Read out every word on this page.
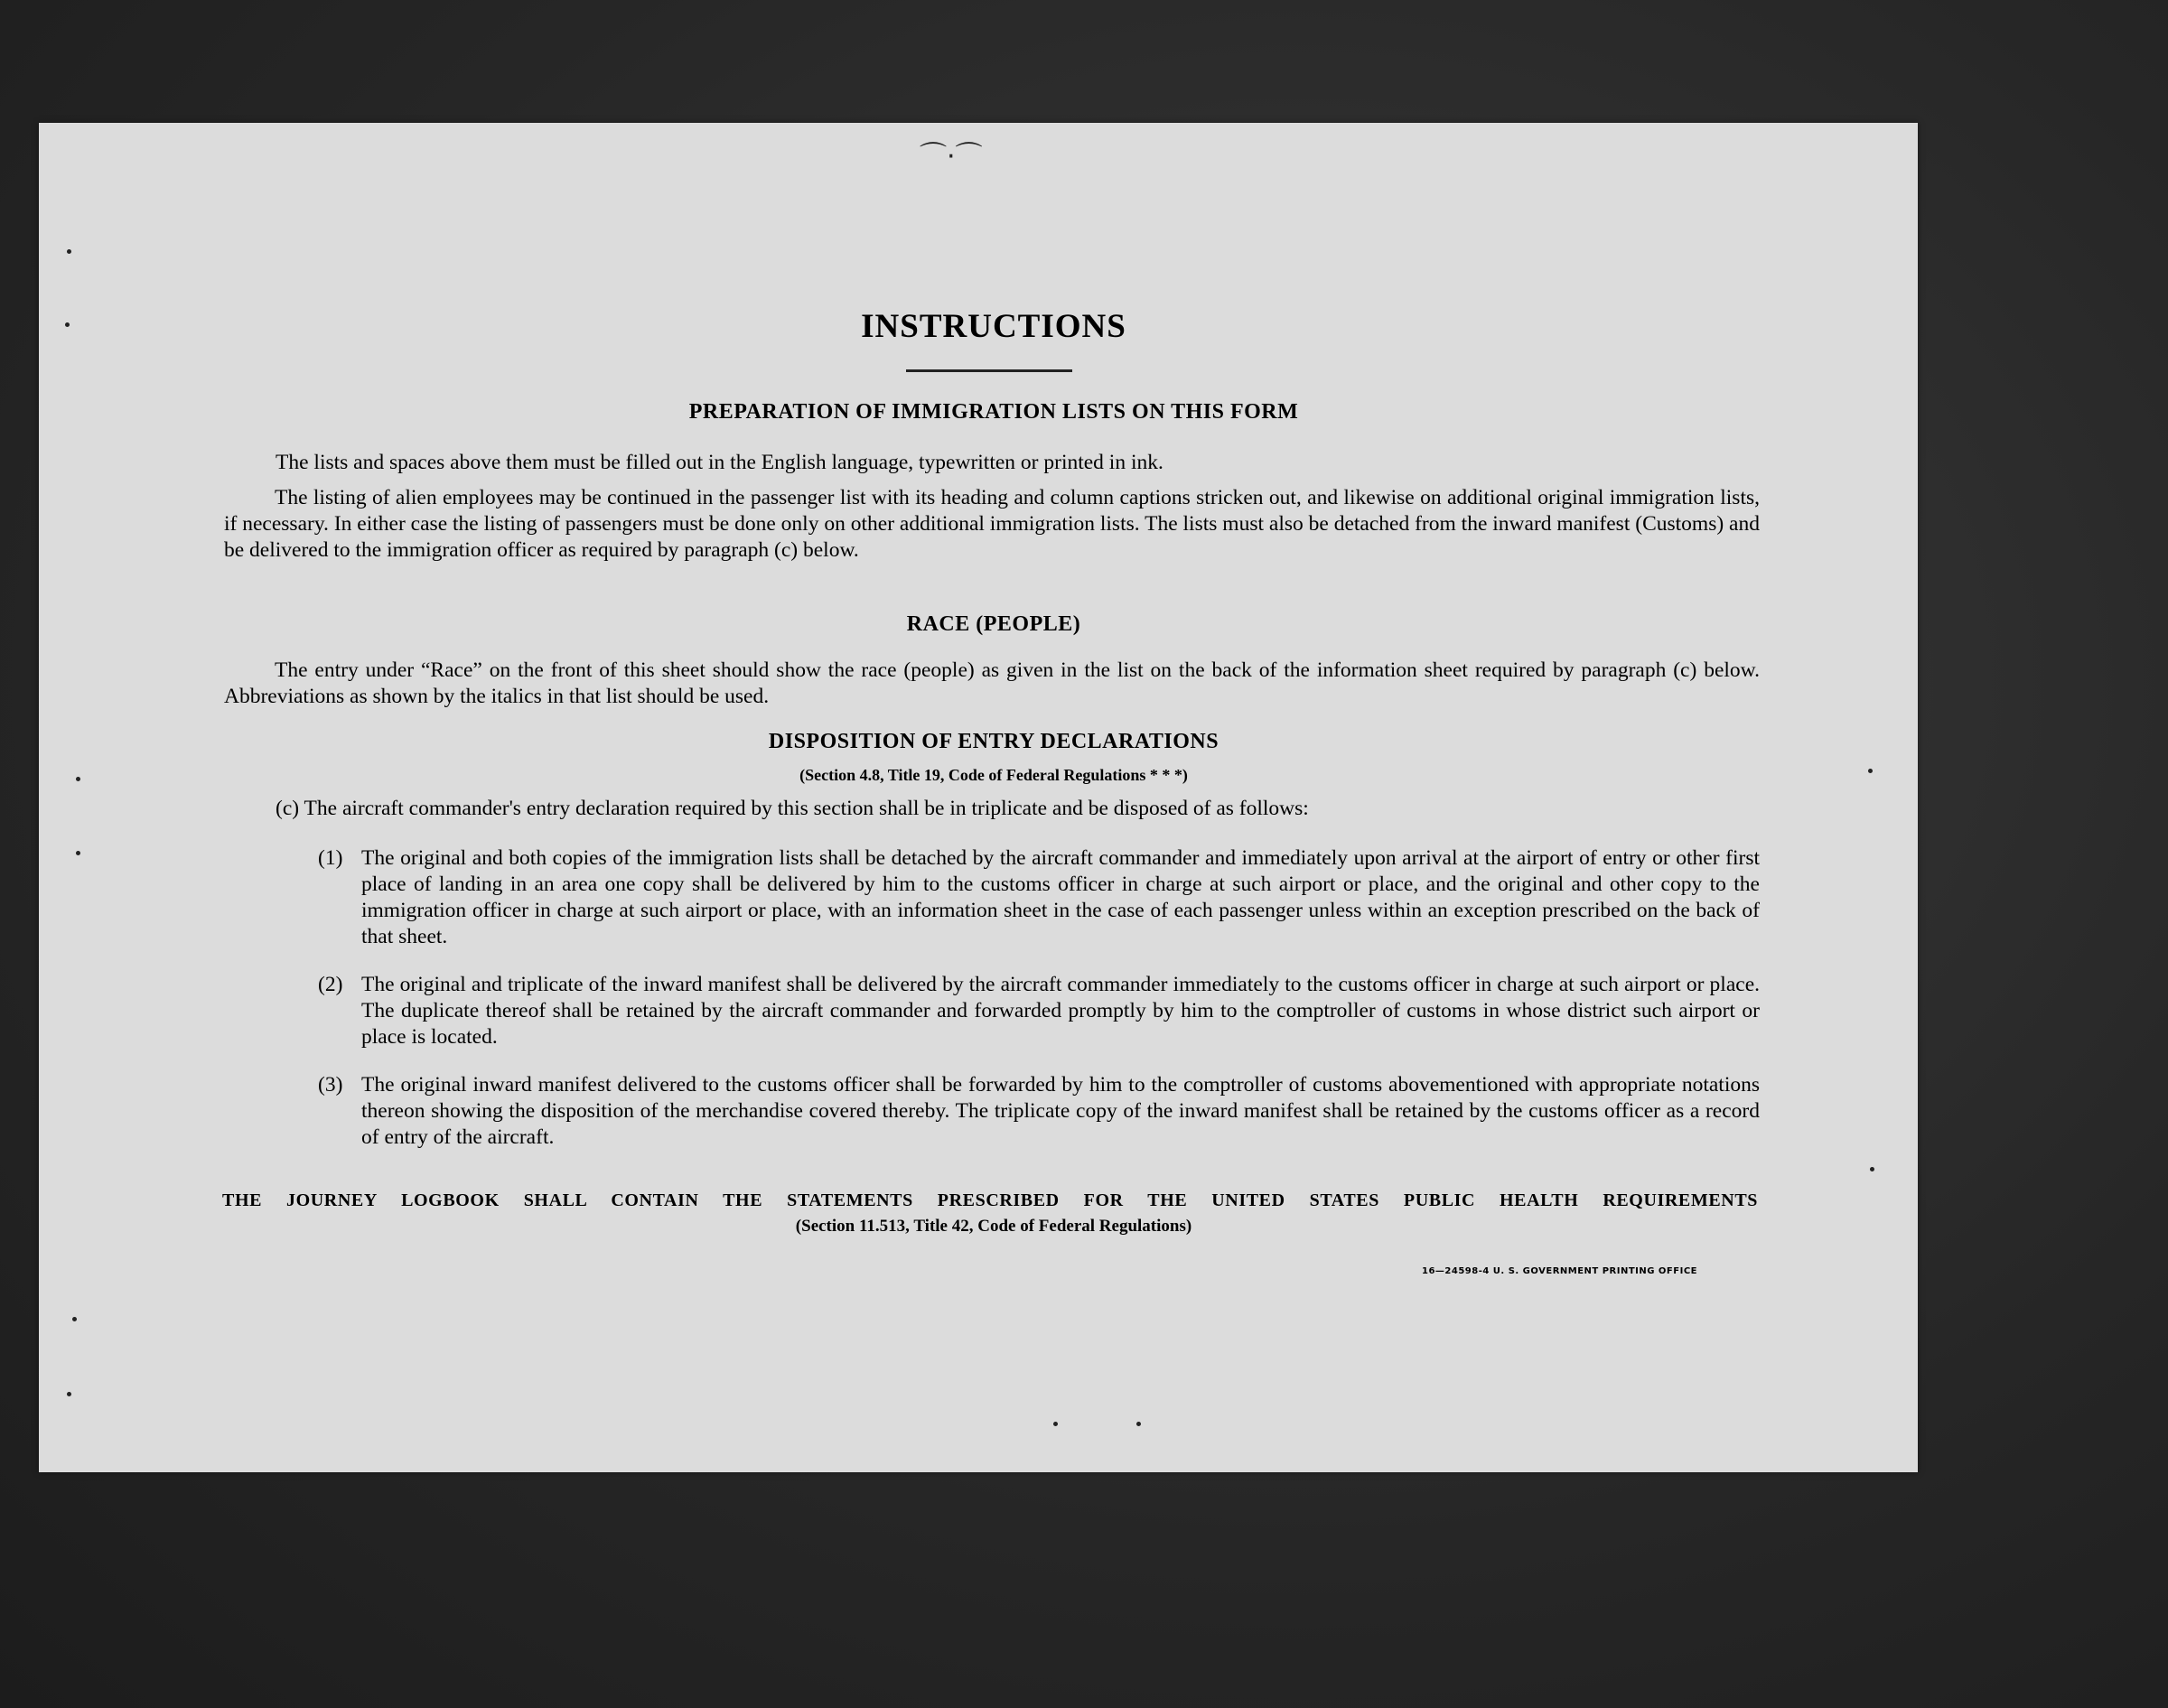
⌒·⌒
INSTRUCTIONS
PREPARATION OF IMMIGRATION LISTS ON THIS FORM
The lists and spaces above them must be filled out in the English language, typewritten or printed in ink.
The listing of alien employees may be continued in the passenger list with its heading and column captions stricken out, and likewise on additional original immigration lists, if necessary. In either case the listing of passengers must be done only on other additional immigration lists. The lists must also be detached from the inward manifest (Customs) and be delivered to the immigration officer as required by paragraph (c) below.
RACE (PEOPLE)
The entry under “Race” on the front of this sheet should show the race (people) as given in the list on the back of the information sheet required by paragraph (c) below. Abbreviations as shown by the italics in that list should be used.
DISPOSITION OF ENTRY DECLARATIONS
(Section 4.8, Title 19, Code of Federal Regulations * * *)
(c) The aircraft commander's entry declaration required by this section shall be in triplicate and be disposed of as follows:
(1) The original and both copies of the immigration lists shall be detached by the aircraft commander and immediately upon arrival at the airport of entry or other first place of landing in an area one copy shall be delivered by him to the customs officer in charge at such airport or place, and the original and other copy to the immigration officer in charge at such airport or place, with an information sheet in the case of each passenger unless within an exception prescribed on the back of that sheet.
(2) The original and triplicate of the inward manifest shall be delivered by the aircraft commander immediately to the customs officer in charge at such airport or place. The duplicate thereof shall be retained by the aircraft commander and forwarded promptly by him to the comptroller of customs in whose district such airport or place is located.
(3) The original inward manifest delivered to the customs officer shall be forwarded by him to the comptroller of customs abovementioned with appropriate notations thereon showing the disposition of the merchandise covered thereby. The triplicate copy of the inward manifest shall be retained by the customs officer as a record of entry of the aircraft.
THE JOURNEY LOGBOOK SHALL CONTAIN THE STATEMENTS PRESCRIBED FOR THE UNITED STATES PUBLIC HEALTH REQUIREMENTS
(Section 11.513, Title 42, Code of Federal Regulations)
16—24598-4 U. S. GOVERNMENT PRINTING OFFICE
